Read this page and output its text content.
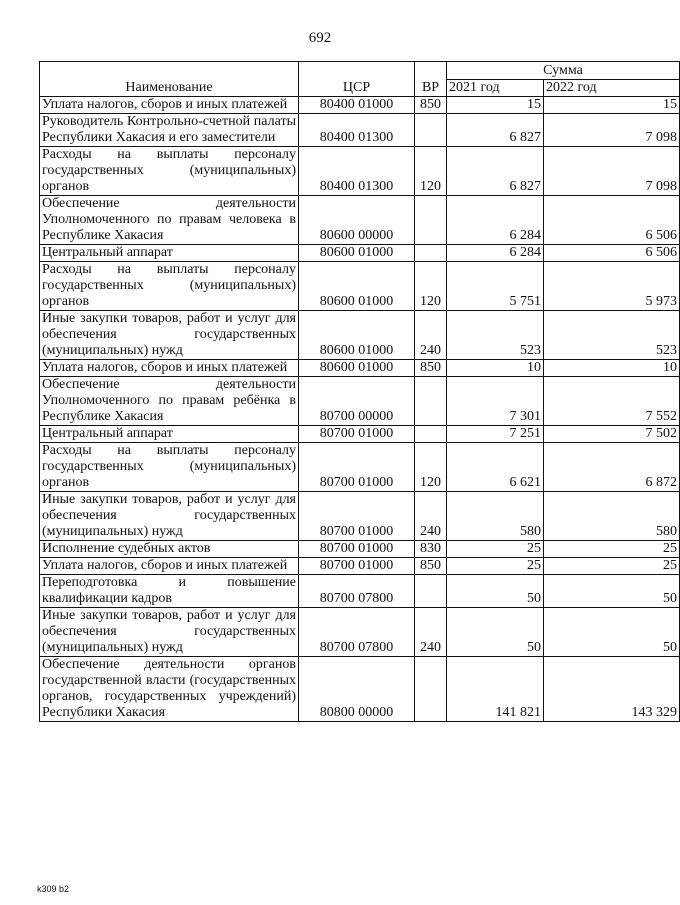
692
Наименование	ЦСР	ВР	Сумма	
			2021 год	2022 год
Уплата налогов, сборов и иных платежей	80400 01000	850	15	15
Руководитель Контрольно-счетной палаты Республики Хакасия и его заместители	80400 01300		6 827	7 098
Расходы на выплаты персоналу государственных (муниципальных) органов	80400 01300	120	6 827	7 098
Обеспечение деятельности Уполномоченного по правам человека в Республике Хакасия	80600 00000		6 284	6 506
Центральный аппарат	80600 01000		6 284	6 506
Расходы на выплаты персоналу государственных (муниципальных) органов	80600 01000	120	5 751	5 973
Иные закупки товаров, работ и услуг для обеспечения государственных (муниципальных) нужд	80600 01000	240	523	523
Уплата налогов, сборов и иных платежей	80600 01000	850	10	10
Обеспечение деятельности Уполномоченного по правам ребёнка в Республике Хакасия	80700 00000		7 301	7 552
Центральный аппарат	80700 01000		7 251	7 502
Расходы на выплаты персоналу государственных (муниципальных) органов	80700 01000	120	6 621	6 872
Иные закупки товаров, работ и услуг для обеспечения государственных (муниципальных) нужд	80700 01000	240	580	580
Исполнение судебных актов	80700 01000	830	25	25
Уплата налогов, сборов и иных платежей	80700 01000	850	25	25
Переподготовка и повышение квалификации кадров	80700 07800		50	50
Иные закупки товаров, работ и услуг для обеспечения государственных (муниципальных) нужд	80700 07800	240	50	50
Обеспечение деятельности органов государственной власти (государственных органов, государственных учреждений) Республики Хакасия	80800 00000		141 821	143 329
k309 b2
